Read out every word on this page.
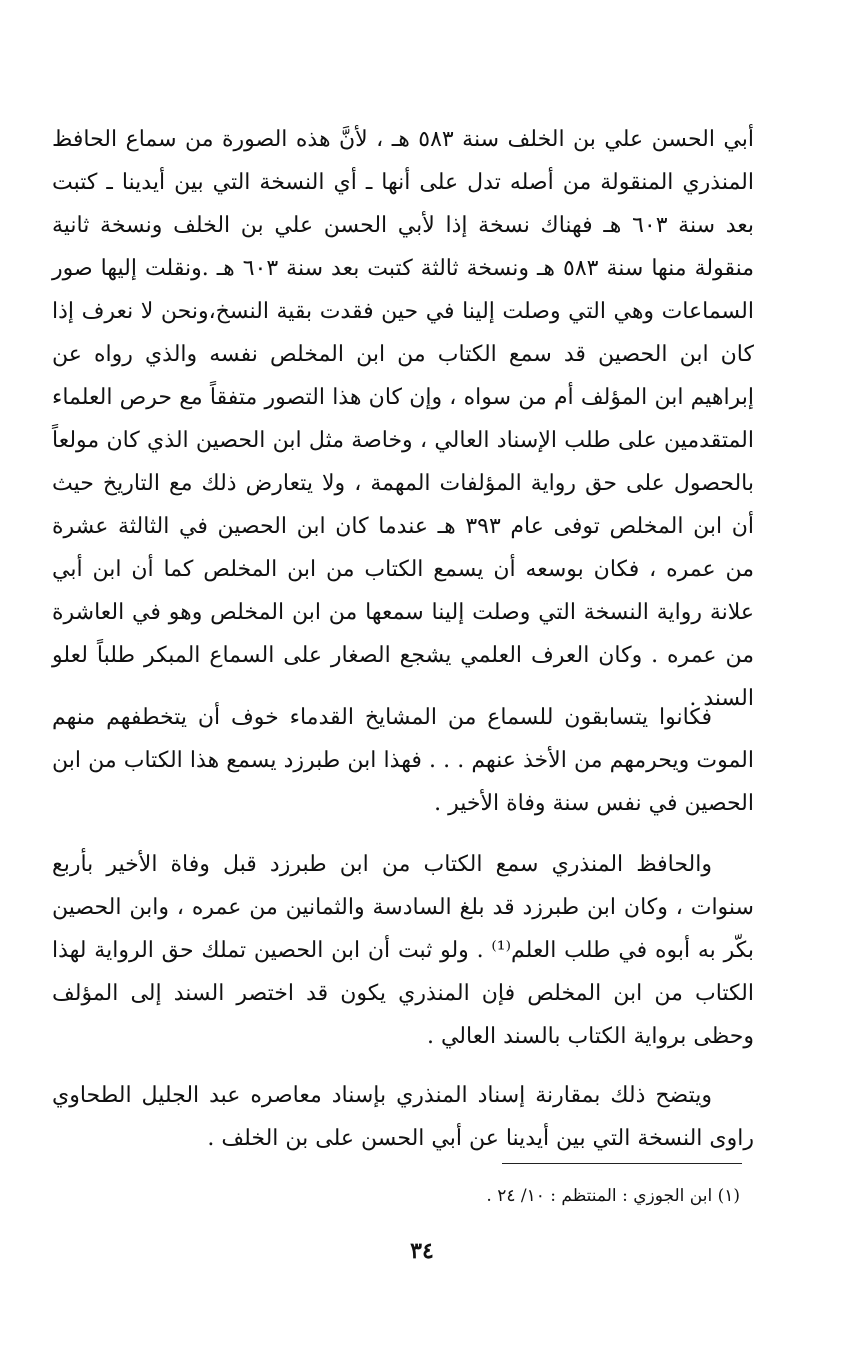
أبي الحسن علي بن الخلف سنة ٥٨٣ هـ ، لأنَّ هذه الصورة من سماع الحافظ المنذري المنقولة من أصله تدل على أنها ـ أي النسخة التي بين أيدينا ـ كتبت بعد سنة ٦٠٣ هـ فهناك نسخة إذا لأبي الحسن علي بن الخلف ونسخة ثانية منقولة منها سنة ٥٨٣ هـ ونسخة ثالثة كتبت بعد سنة ٦٠٣ هـ .ونقلت إليها صور السماعات وهي التي وصلت إلينا في حين فقدت بقية النسخ،ونحن لا نعرف إذا كان ابن الحصين قد سمع الكتاب من ابن المخلص نفسه والذي رواه عن إبراهيم ابن المؤلف أم من سواه ، وإن كان هذا التصور متفقاً مع حرص العلماء المتقدمين على طلب الإسناد العالي ، وخاصة مثل ابن الحصين الذي كان مولعاً بالحصول على حق رواية المؤلفات المهمة ، ولا يتعارض ذلك مع التاريخ حيث أن ابن المخلص توفى عام ٣٩٣ هـ عندما كان ابن الحصين في الثالثة عشرة من عمره ، فكان بوسعه أن يسمع الكتاب من ابن المخلص كما أن ابن أبي علانة رواية النسخة التي وصلت إلينا سمعها من ابن المخلص وهو في العاشرة من عمره . وكان العرف العلمي يشجع الصغار على السماع المبكر طلباً لعلو السند .

فكانوا يتسابقون للسماع من المشايخ القدماء خوف أن يتخطفهم منهم الموت ويحرمهم من الأخذ عنهم . . . فهذا ابن طبرزد يسمع هذا الكتاب من ابن الحصين في نفس سنة وفاة الأخير .

والحافظ المنذري سمع الكتاب من ابن طبرزد قبل وفاة الأخير بأربع سنوات ، وكان ابن طبرزد قد بلغ السادسة والثمانين من عمره ، وابن الحصين بكّر به أبوه في طلب العلم⁽¹⁾ . ولو ثبت أن ابن الحصين تملك حق الرواية لهذا الكتاب من ابن المخلص فإن المنذري يكون قد اختصر السند إلى المؤلف وحظى برواية الكتاب بالسند العالي .

ويتضح ذلك بمقارنة إسناد المنذري بإسناد معاصره عبد الجليل الطحاوي راوى النسخة التي بين أيدينا عن أبي الحسن على بن الخلف .

(١) ابن الجوزي : المنتظم : ١٠/ ٢٤ .
٣٤
